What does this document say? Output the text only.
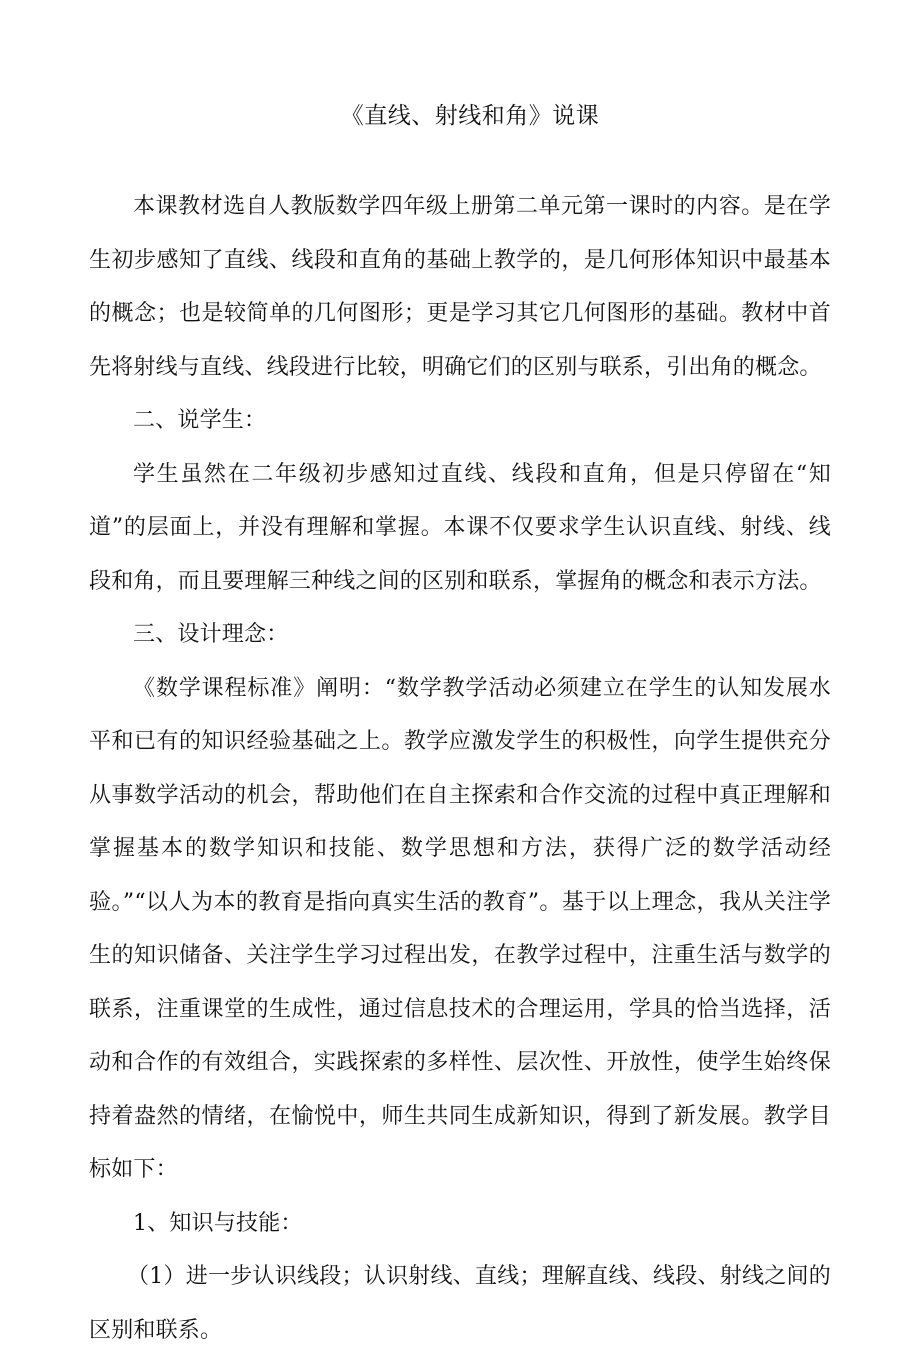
《直线、射线和角》说课

本课教材选自人教版数学四年级上册第二单元第一课时的内容。是在学生初步感知了直线、线段和直角的基础上教学的，是几何形体知识中最基本的概念；也是较简单的几何图形；更是学习其它几何图形的基础。教材中首先将射线与直线、线段进行比较，明确它们的区别与联系，引出角的概念。

二、说学生：

学生虽然在二年级初步感知过直线、线段和直角，但是只停留在“知道”的层面上，并没有理解和掌握。本课不仅要求学生认识直线、射线、线段和角，而且要理解三种线之间的区别和联系，掌握角的概念和表示方法。

三、设计理念：

《数学课程标准》阐明：“数学教学活动必须建立在学生的认知发展水平和已有的知识经验基础之上。教学应激发学生的积极性，向学生提供充分从事数学活动的机会，帮助他们在自主探索和合作交流的过程中真正理解和掌握基本的数学知识和技能、数学思想和方法，获得广泛的数学活动经验。”“以人为本的教育是指向真实生活的教育”。基于以上理念，我从关注学生的知识储备、关注学生学习过程出发，在教学过程中，注重生活与数学的联系，注重课堂的生成性，通过信息技术的合理运用，学具的恰当选择，活动和合作的有效组合，实践探索的多样性、层次性、开放性，使学生始终保持着盎然的情绪，在愉悦中，师生共同生成新知识，得到了新发展。教学目标如下：

1、知识与技能：

（1）进一步认识线段；认识射线、直线；理解直线、线段、射线之间的区别和联系。
